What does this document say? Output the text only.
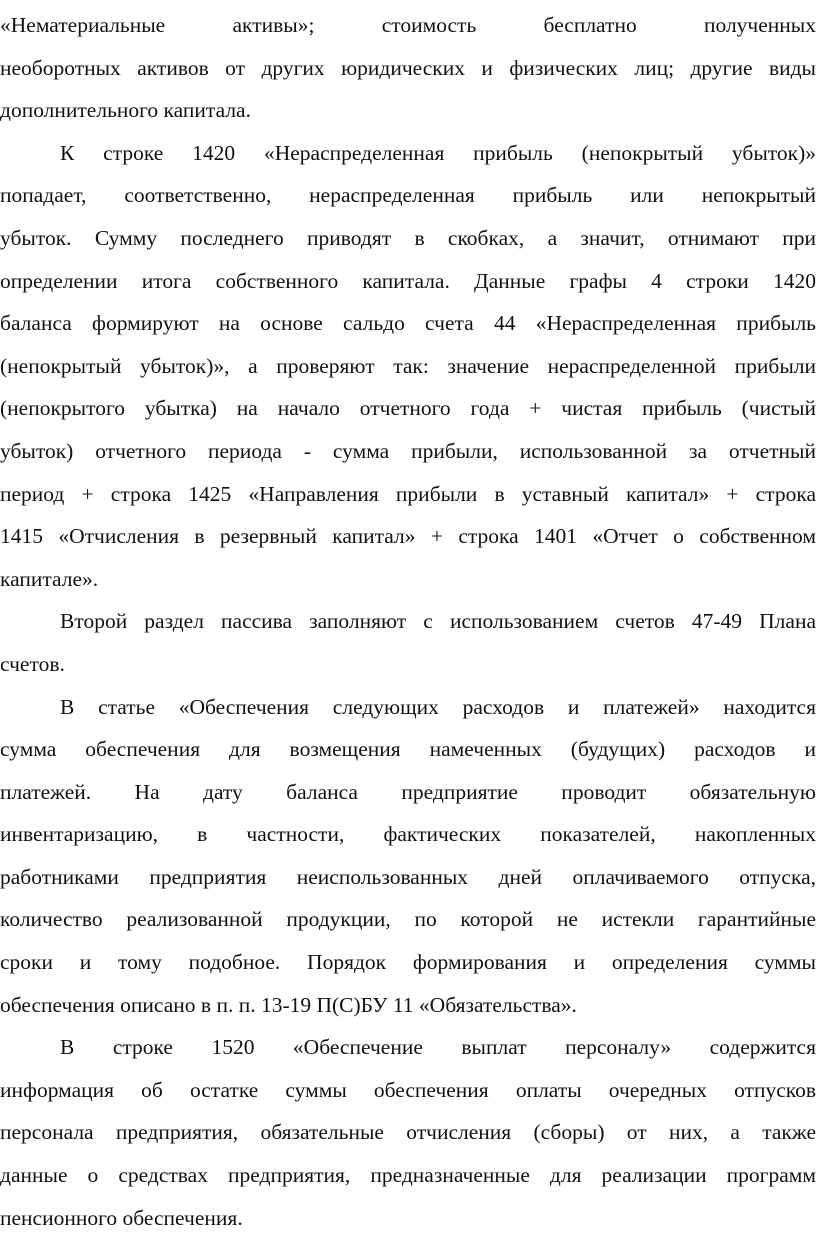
«Нематериальные активы»; стоимость бесплатно полученных
необоротных активов от других юридических и физических лиц; другие виды
дополнительного капитала.

К строке 1420 «Нераспределенная прибыль (непокрытый убыток)»
попадает, соответственно, нераспределенная прибыль или непокрытый
убыток. Сумму последнего приводят в скобках, а значит, отнимают при
определении итога собственного капитала. Данные графы 4 строки 1420
баланса формируют на основе сальдо счета 44 «Нераспределенная прибыль
(непокрытый убыток)», а проверяют так: значение нераспределенной прибыли
(непокрытого убытка) на начало отчетного года + чистая прибыль (чистый
убыток) отчетного периода - сумма прибыли, использованной за отчетный
период + строка 1425 «Направления прибыли в уставный капитал» + строка
1415 «Отчисления в резервный капитал» + строка 1401 «Отчет о собственном
капитале».

Второй раздел пассива заполняют с использованием счетов 47-49 Плана
счетов.

В статье «Обеспечения следующих расходов и платежей» находится
сумма обеспечения для возмещения намеченных (будущих) расходов и
платежей. На дату баланса предприятие проводит обязательную
инвентаризацию, в частности, фактических показателей, накопленных
работниками предприятия неиспользованных дней оплачиваемого отпуска,
количество реализованной продукции, по которой не истекли гарантийные
сроки и тому подобное. Порядок формирования и определения суммы
обеспечения описано в п. п. 13-19 П(С)БУ 11 «Обязательства».

В строке 1520 «Обеспечение выплат персоналу» содержится
информация об остатке суммы обеспечения оплаты очередных отпусков
персонала предприятия, обязательные отчисления (сборы) от них, а также
данные о средствах предприятия, предназначенные для реализации программ
пенсионного обеспечения.
